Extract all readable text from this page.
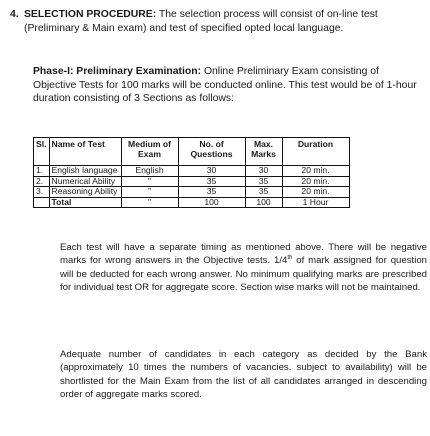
4. SELECTION PROCEDURE: The selection process will consist of on-line test (Preliminary & Main exam) and test of specified opted local language.
Phase-I: Preliminary Examination: Online Preliminary Exam consisting of Objective Tests for 100 marks will be conducted online. This test would be of 1-hour duration consisting of 3 Sections as follows:
Sl.	Name of Test	Medium of Exam	No. of Questions	Max. Marks	Duration
1.	English language	English	30	30	20 min.
2.	Numerical Ability	"	35	35	20 min.
3.	Reasoning Ability	"	35	35	20 min.
	Total	"	100	100	1 Hour
Each test will have a separate timing as mentioned above. There will be negative marks for wrong answers in the Objective tests. 1/4th of mark assigned for question will be deducted for each wrong answer. No minimum qualifying marks are prescribed for individual test OR for aggregate score. Section wise marks will not be maintained.
Adequate number of candidates in each category as decided by the Bank (approximately 10 times the numbers of vacancies. subject to availability) will be shortlisted for the Main Exam from the list of all candidates arranged in descending order of aggregate marks scored.
